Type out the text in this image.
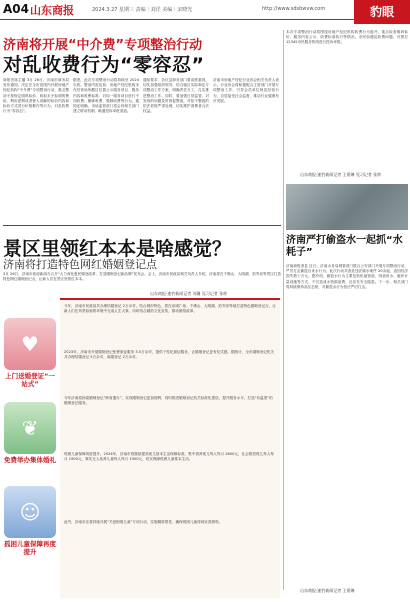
A04 山东商报	2024.3.27 星期三 责编｜刘洋 美编｜宋晓光	http://www.sdsbwvw.com	豹眼
济南将开展“中介费”专项整治行动
对乱收费行为“零容忍”
商报首席主播 3月 26日，济南市商务局发布通知，决定在全市范围内开展房地产经纪机构“中介费”专项整治行动，重点整治不按规定明码标价、收取未予标明的费用、利用虚假或者使人误解的标价内容和标价方式进行价格欺诈等行为，对乱收费行为“零容忍”。
据悉，此次专项整治行动将持续至 2024年底。整治内容包括：房地产经纪机构未在经营场所醒目位置公示服务项目、服务内容和收费标准；对同一服务项目进行不同收费；捆绑收费、强制收费等行为。通知还明确，市场监管部门将会同相关部门建立联动机制，畅通投诉举报渠道。
通知要求，各区县商务部门要高度重视，切实加强组织领导，结合辖区实际制定专项整治工作方案，明确责任分工，扎实推进整治工作。同时，要加强日常监管，对发现的问题及时督促整改，对拒不整改的依法依规严肃处理，切实维护消费者合法权益。
济南市房地产经纪行业协会相关负责人表示，行业协会将积极配合主管部门开展专项整治工作，引导会员单位规范经营行为，自觉接受社会监督，推动行业健康有序发展。
本次专项整治行动将围绕房地产经纪机构收费行为展开，重点检查明码标价、服务内容公示、收费标准执行等情况。市民如遇乱收费问题，可拨打 12345市民服务热线进行投诉举报。
山东商报·速豹新闻记者 王建琳 见习记者 张梓
济南严打偷盗水一起抓“水耗子”
济南商报消息 近日，济南水务局城管部门联合公安部门开展专项整治行动，严厉打击偷盗自来水行为。此次行动共查处违法偷水案件 20余起，追回经济损失数十万元。据介绍，偷盗水行为主要包括私接管道、绕表用水、破坏计量设施等方式，不仅造成水资源浪费，还存在安全隐患。下一步，相关部门将持续保持高压态势，对偷盗水行为依法严厉打击。
山东商报·速豹新闻记者 王建琳
景区里领红本本是啥感觉？
济南将打造特色网红婚姻登记点
3月 26日，济南市政府新闻办召开“大力深化惠民婚登改革，打造婚姻登记新品牌”发布会。会上，济南市民政局相关负责人介绍，济南将在千佛山、大明湖、趵突泉等景区打造特色网红婚姻登记点，让新人们在景区里领红本本。
山东商报·速豹新闻记者 刘珊 见习记者 张梓
今年，济南市民政局共办理结婚登记 2万余对。结合城市特色，将在泉城广场、千佛山、大明湖、趵突泉等地打造特色婚姻登记点，让新人们在风景如画的环境中完成人生大事，同时结合婚俗文化宣传，推动婚俗改革。
2023年，济南市开展婚姻登记免费颁证服务 3.5万余对，提供个性化颁证服务，让婚姻登记更有仪式感。据统计，全市婚姻登记机关共办理结婚登记 5万余对，离婚登记 2万余对。
今年济南将探索婚姻登记“跨省通办”，实现婚姻登记更加便利，同时推进婚姻登记机关标准化建设，提升服务水平，打造“有温度”的婚姻登记服务。
孤困儿童保障再度提升。2024年，济南市将继续提高孤儿基本生活保障标准，集中供养孤儿每人每月 2600元，社会散居孤儿每人每月 1900元，事实无人抚养儿童每人每月 1900元，切实保障孤困儿童基本生活。
此外，济南市还将持续开展“关爱困境儿童”专项行动，实施精准帮扶，确保孤困儿童得到妥善照料。
♥
上门送婚登证“一站式”
❦
免费举办集体婚礼
☺
孤困儿童保障再度提升
